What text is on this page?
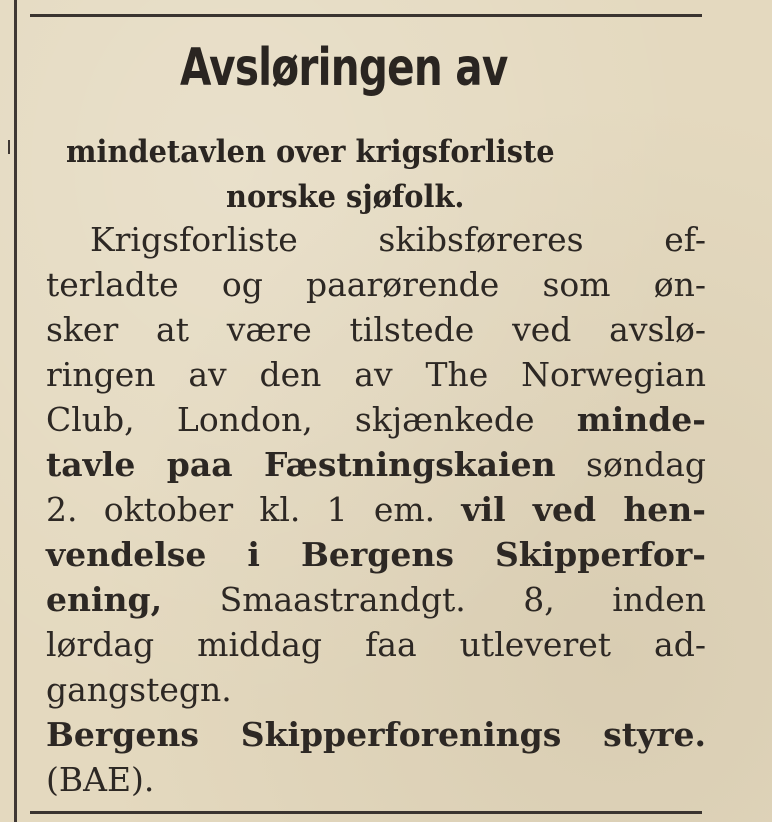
Avsløringen av
mindetavlen over krigsforliste
norske sjøfolk.
Krigsforliste skibsføreres ef-
terladte og paarørende som øn-
sker at være tilstede ved avslø-
ringen av den av The Norwegian
Club, London, skjænkede minde-
tavle paa Fæstningskaien søndag
2. oktober kl. 1 em. vil ved hen-
vendelse i Bergens Skipperfor-
ening, Smaastrandgt. 8, inden
lørdag middag faa utleveret ad-
gangstegn.
Bergens Skipperforenings styre.
(BAE).
